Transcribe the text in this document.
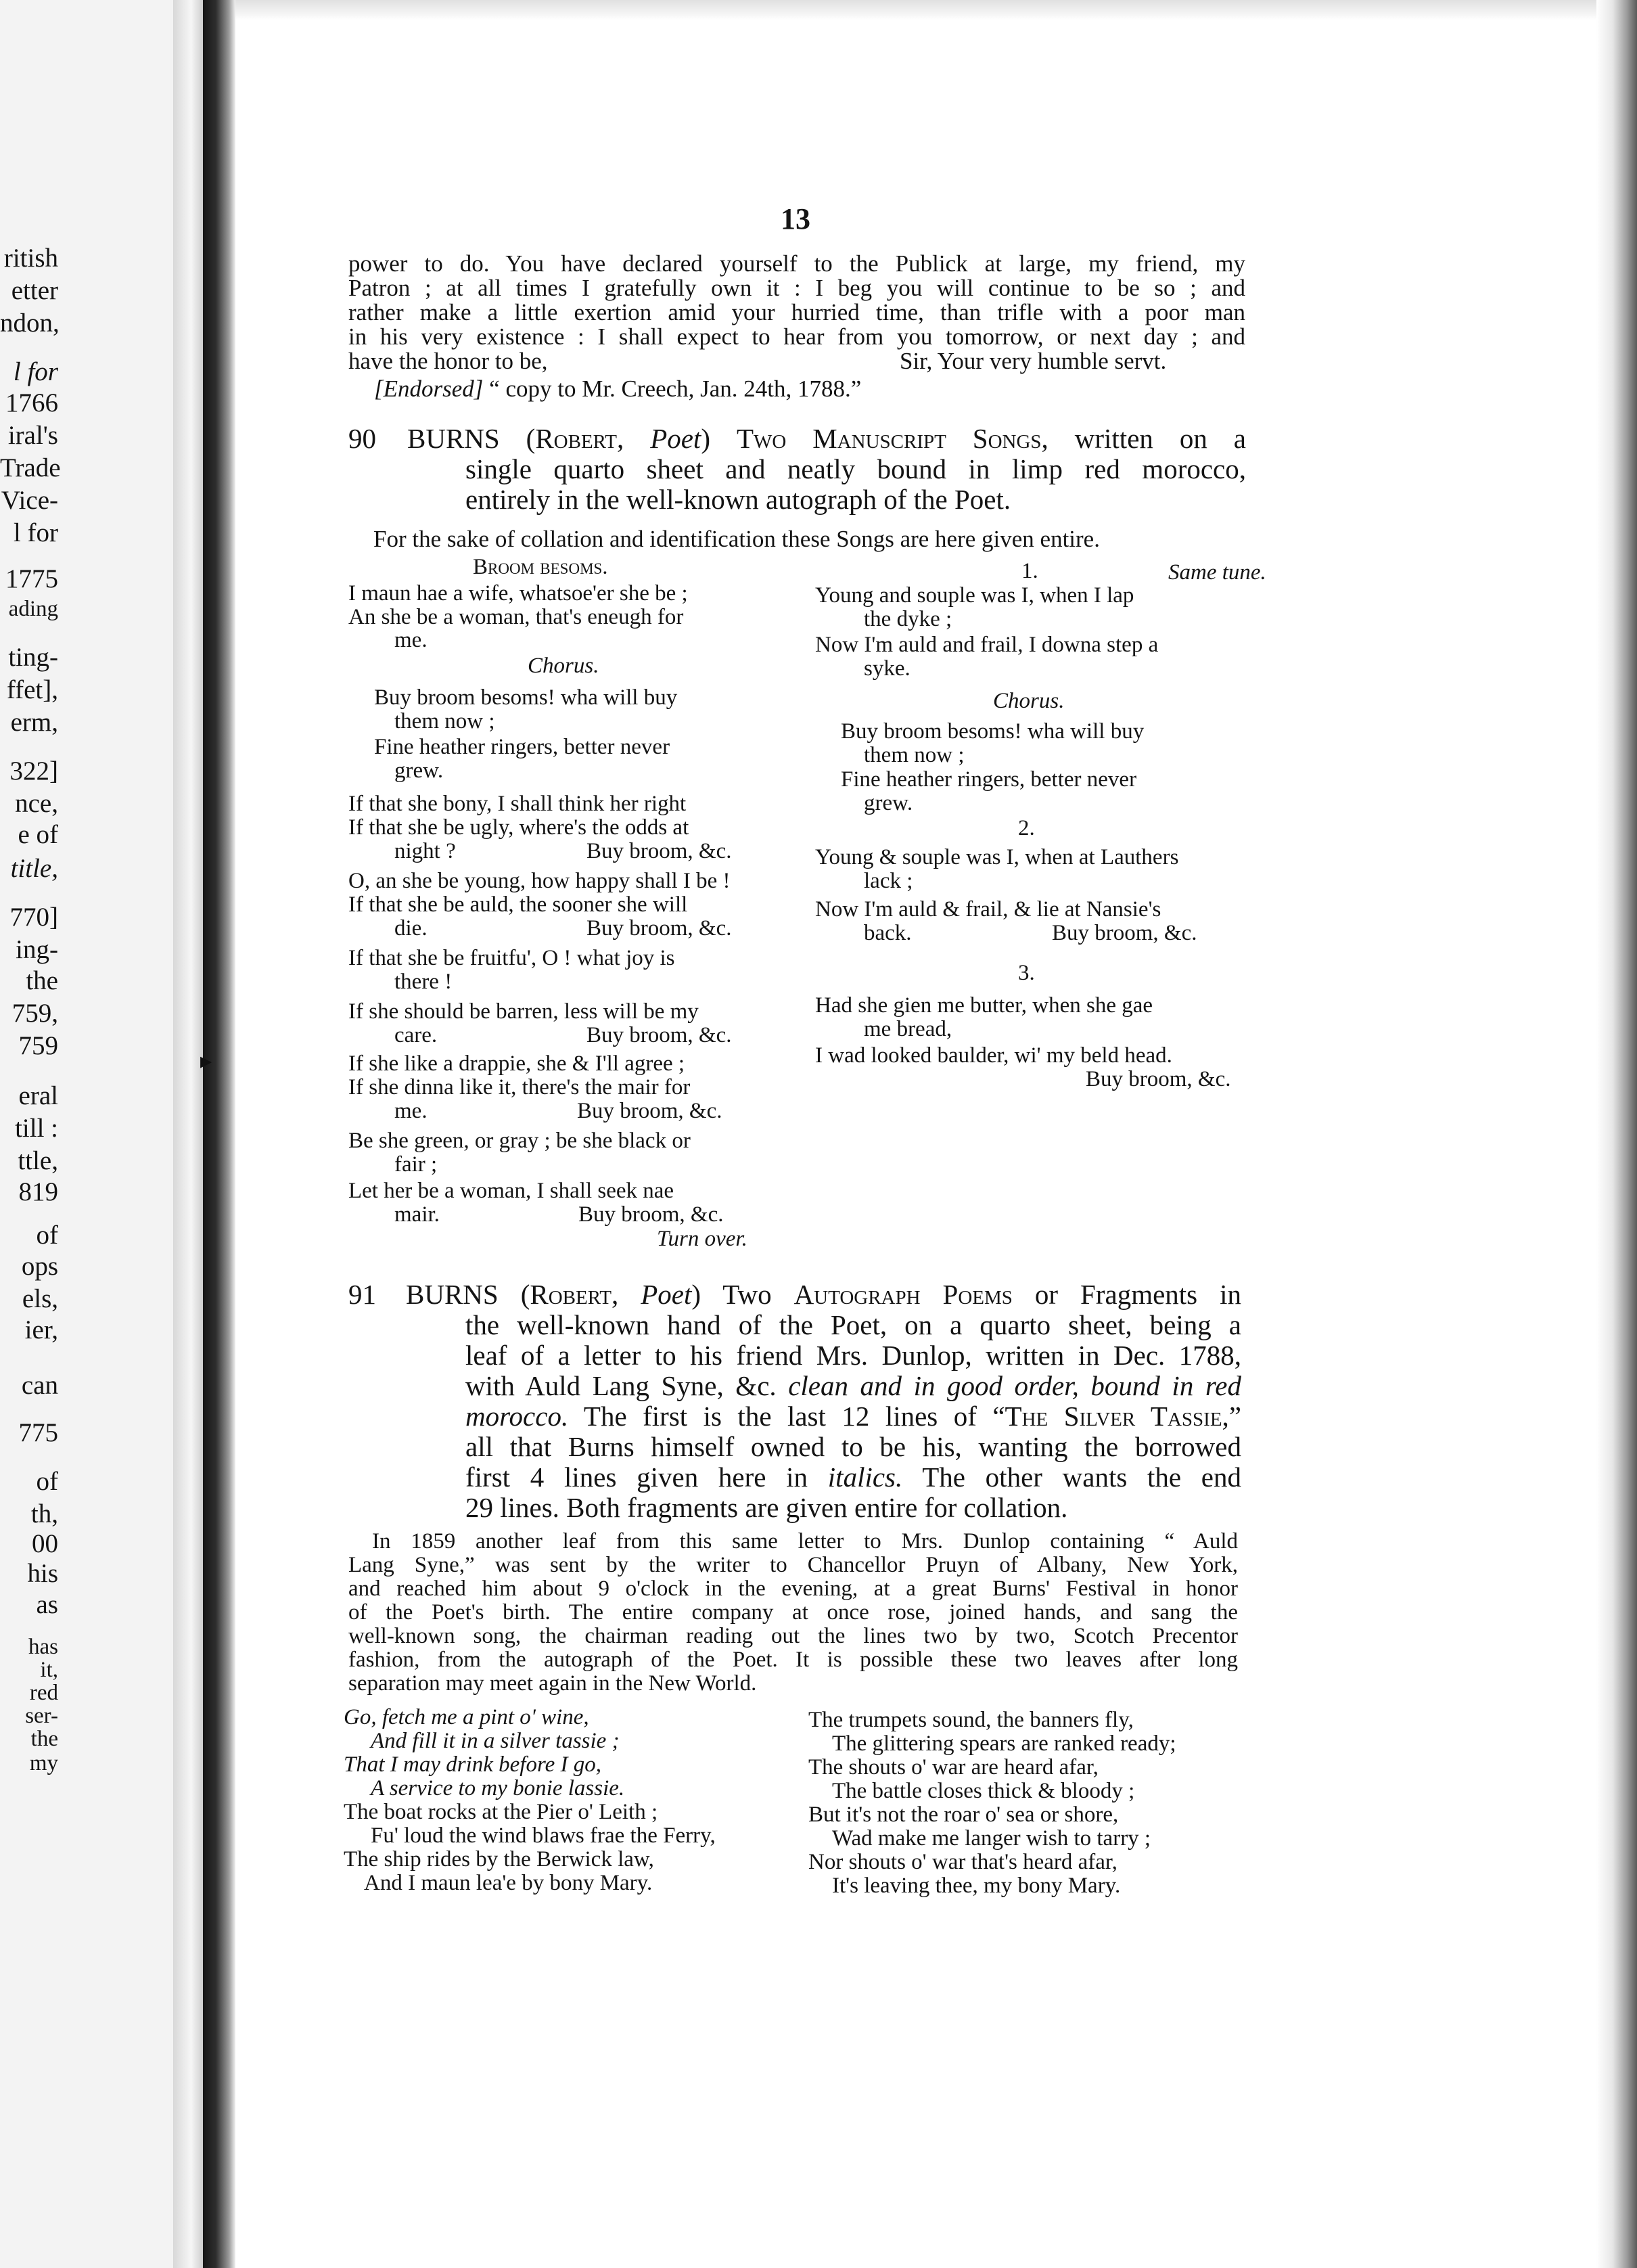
ritish
etter
ndon,
l for
1766
iral's
Trade
Vice-
l for
1775
ading
ting-
ffet],
erm,
322]
nce,
e of
title,
770]
ing-
the
759,
759
eral
till :
ttle,
819
of
ops
els,
ier,
can
775
of
th,
00
his
as
has
it,
red
ser-
the
my
▸
13
power to do. You have declared yourself to the Publick at large, my friend, my
Patron ; at all times I gratefully own it : I beg you will continue to be so ; and
rather make a little exertion amid your hurried time, than trifle with a poor man
in his very existence : I shall expect to hear from you tomorrow, or next day ; and
have the honor to be,	Sir, Your very humble servt.
[Endorsed] “ copy to Mr. Creech, Jan. 24th, 1788.”
90 BURNS (Robert, Poet) Two Manuscript Songs, written on a
single quarto sheet and neatly bound in limp red morocco,
entirely in the well-known autograph of the Poet.
For the sake of collation and identification these Songs are here given entire.
Broom besoms.
I maun hae a wife, whatsoe'er she be ;
An she be a woman, that's eneugh for
me.
Chorus.
Buy broom besoms! wha will buy
them now ;
Fine heather ringers, better never
grew.
If that she bony, I shall think her right
If that she be ugly, where's the odds at
night ?	Buy broom, &c.
O, an she be young, how happy shall I be !
If that she be auld, the sooner she will
die.	Buy broom, &c.
If that she be fruitfu', O ! what joy is
there !
If she should be barren, less will be my
care.	Buy broom, &c.
If she like a drappie, she & I'll agree ;
If she dinna like it, there's the mair for
me.	Buy broom, &c.
Be she green, or gray ; be she black or
fair ;
Let her be a woman, I shall seek nae
mair.	Buy broom, &c.
Turn over.
1.	Same tune.
Young and souple was I, when I lap
the dyke ;
Now I'm auld and frail, I downa step a
syke.
Chorus.
Buy broom besoms! wha will buy
them now ;
Fine heather ringers, better never
grew.
2.
Young & souple was I, when at Lauthers
lack ;
Now I'm auld & frail, & lie at Nansie's
back.	Buy broom, &c.
3.
Had she gien me butter, when she gae
me bread,
I wad looked baulder, wi' my beld head.
Buy broom, &c.
91 BURNS (Robert, Poet) Two Autograph Poems or Fragments in
the well-known hand of the Poet, on a quarto sheet, being a
leaf of a letter to his friend Mrs. Dunlop, written in Dec. 1788,
with Auld Lang Syne, &c. clean and in good order, bound in red
morocco. The first is the last 12 lines of “The Silver Tassie,”
all that Burns himself owned to be his, wanting the borrowed
first 4 lines given here in italics. The other wants the end
29 lines. Both fragments are given entire for collation.
In 1859 another leaf from this same letter to Mrs. Dunlop containing “ Auld
Lang Syne,” was sent by the writer to Chancellor Pruyn of Albany, New York,
and reached him about 9 o'clock in the evening, at a great Burns' Festival in honor
of the Poet's birth. The entire company at once rose, joined hands, and sang the
well-known song, the chairman reading out the lines two by two, Scotch Precentor
fashion, from the autograph of the Poet. It is possible these two leaves after long
separation may meet again in the New World.
Go, fetch me a pint o' wine,
And fill it in a silver tassie ;
That I may drink before I go,
A service to my bonie lassie.
The boat rocks at the Pier o' Leith ;
Fu' loud the wind blaws frae the Ferry,
The ship rides by the Berwick law,
And I maun lea'e by bony Mary.
The trumpets sound, the banners fly,
The glittering spears are ranked ready;
The shouts o' war are heard afar,
The battle closes thick & bloody ;
But it's not the roar o' sea or shore,
Wad make me langer wish to tarry ;
Nor shouts o' war that's heard afar,
It's leaving thee, my bony Mary.
